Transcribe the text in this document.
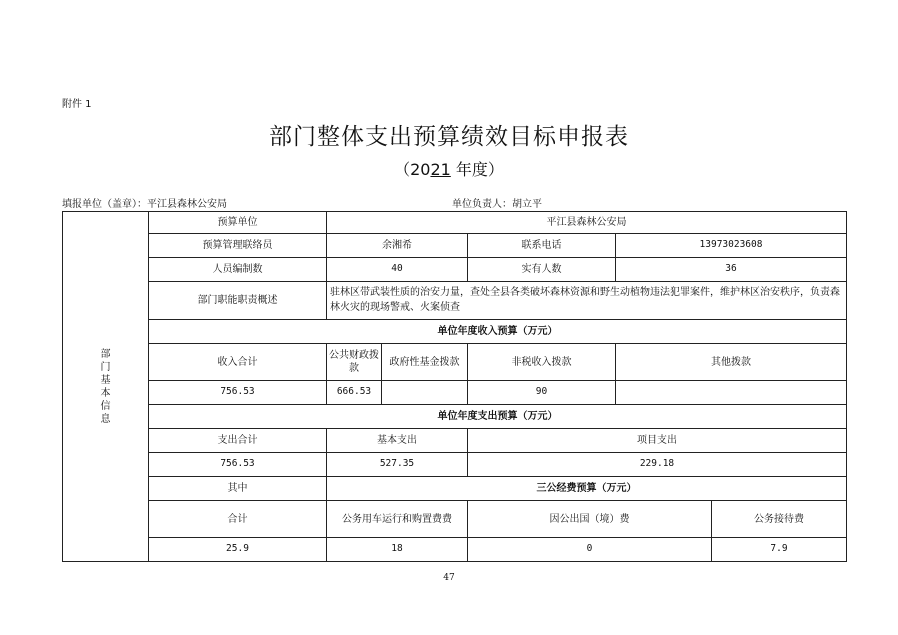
附件 1
部门整体支出预算绩效目标申报表
（2021 年度）
填报单位（盖章）：平江县森林公安局	单位负责人：胡立平
部门基本信息	预算单位	平江县森林公安局				
	预算管理联络员	余湘希		联系电话	13973023608	
	人员编制数	40		实有人数	36	
	部门职能职责概述	驻林区带武装性质的治安力量，查处全县各类破坏森林资源和野生动植物违法犯罪案件，维护林区治安秩序，负责森林火灾的现场警戒、火案侦查				
	单位年度收入预算（万元）					
	收入合计	公共财政拨款	政府性基金拨款	非税收入拨款	其他拨款	
	756.53	666.53		90		
	单位年度支出预算（万元）					
	支出合计	基本支出		项目支出		
	756.53	527.35		229.18		
	其中	三公经费预算（万元）				
	合计	公务用车运行和购置费费		因公出国（境）费		公务接待费
	25.9	18		0		7.9
47
